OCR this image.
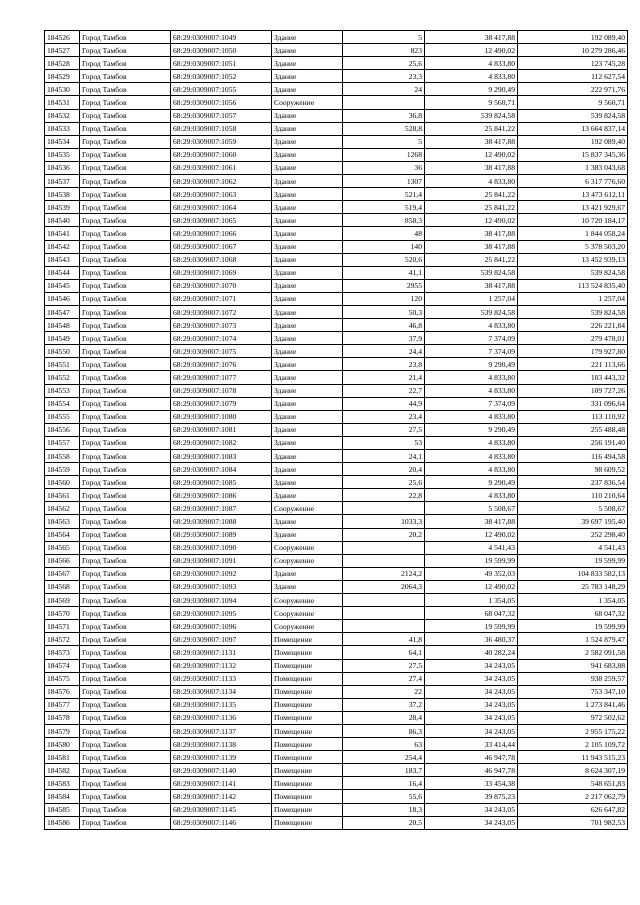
184526	Город Тамбов	68:29:0309007:1049	Здание	5	38 417,88	192 089,40
184527	Город Тамбов	68:29:0309007:1050	Здание	823	12 490,02	10 279 286,46
184528	Город Тамбов	68:29:0309007:1051	Здание	25,6	4 833,80	123 745,28
184529	Город Тамбов	68:29:0309007:1052	Здание	23,3	4 833,80	112 627,54
184530	Город Тамбов	68:29:0309007:1055	Здание	24	9 290,49	222 971,76
184531	Город Тамбов	68:29:0309007:1056	Сооружение		9 560,71	9 560,71
184532	Город Тамбов	68:29:0309007:1057	Здание	36,8	539 824,58	539 824,58
184533	Город Тамбов	68:29:0309007:1058	Здание	528,8	25 841,22	13 664 837,14
184534	Город Тамбов	68:29:0309007:1059	Здание	5	38 417,88	192 089,40
184535	Город Тамбов	68:29:0309007:1060	Здание	1268	12 490,02	15 837 345,36
184536	Город Тамбов	68:29:0309007:1061	Здание	36	38 417,88	1 383 043,68
184537	Город Тамбов	68:29:0309007:1062	Здание	1307	4 833,80	6 317 776,60
184538	Город Тамбов	68:29:0309007:1063	Здание	521,4	25 841,22	13 473 612,11
184539	Город Тамбов	68:29:0309007:1064	Здание	519,4	25 841,22	13 421 929,67
184540	Город Тамбов	68:29:0309007:1065	Здание	858,3	12 490,02	10 720 184,17
184541	Город Тамбов	68:29:0309007:1066	Здание	48	38 417,88	1 844 058,24
184542	Город Тамбов	68:29:0309007:1067	Здание	140	38 417,88	5 378 503,20
184543	Город Тамбов	68:29:0309007:1068	Здание	520,6	25 841,22	13 452 939,13
184544	Город Тамбов	68:29:0309007:1069	Здание	41,1	539 824,58	539 824,58
184545	Город Тамбов	68:29:0309007:1070	Здание	2955	38 417,88	113 524 835,40
184546	Город Тамбов	68:29:0309007:1071	Здание	120	1 257,04	1 257,04
184547	Город Тамбов	68:29:0309007:1072	Здание	50,3	539 824,58	539 824,58
184548	Город Тамбов	68:29:0309007:1073	Здание	46,8	4 833,80	226 221,84
184549	Город Тамбов	68:29:0309007:1074	Здание	37,9	7 374,09	279 478,01
184550	Город Тамбов	68:29:0309007:1075	Здание	24,4	7 374,09	179 927,80
184551	Город Тамбов	68:29:0309007:1076	Здание	23,8	9 290,49	221 113,66
184552	Город Тамбов	68:29:0309007:1077	Здание	21,4	4 833,80	103 443,32
184553	Город Тамбов	68:29:0309007:1078	Здание	22,7	4 833,80	109 727,26
184554	Город Тамбов	68:29:0309007:1079	Здание	44,9	7 374,09	331 096,64
184555	Город Тамбов	68:29:0309007:1080	Здание	23,4	4 833,80	113 110,92
184556	Город Тамбов	68:29:0309007:1081	Здание	27,5	9 290,49	255 488,48
184557	Город Тамбов	68:29:0309007:1082	Здание	53	4 833,80	256 191,40
184558	Город Тамбов	68:29:0309007:1083	Здание	24,1	4 833,80	116 494,58
184559	Город Тамбов	68:29:0309007:1084	Здание	20,4	4 833,80	98 609,52
184560	Город Тамбов	68:29:0309007:1085	Здание	25,6	9 290,49	237 836,54
184561	Город Тамбов	68:29:0309007:1086	Здание	22,8	4 833,80	110 210,64
184562	Город Тамбов	68:29:0309007:1087	Сооружение		5 508,67	5 508,67
184563	Город Тамбов	68:29:0309007:1088	Здание	1033,3	38 417,88	39 697 195,40
184564	Город Тамбов	68:29:0309007:1089	Здание	20,2	12 490,02	252 298,40
184565	Город Тамбов	68:29:0309007:1090	Сооружение		4 541,43	4 541,43
184566	Город Тамбов	68:29:0309007:1091	Сооружение		19 599,99	19 599,99
184567	Город Тамбов	68:29:0309007:1092	Здание	2124,2	49 352,03	104 833 582,13
184568	Город Тамбов	68:29:0309007:1093	Здание	2064,3	12 490,02	25 783 148,29
184569	Город Тамбов	68:29:0309007:1094	Сооружение		1 354,05	1 354,05
184570	Город Тамбов	68:29:0309007:1095	Сооружение		68 047,32	68 047,32
184571	Город Тамбов	68:29:0309007:1096	Сооружение		19 599,99	19 599,99
184572	Город Тамбов	68:29:0309007:1097	Помещение	41,8	36 480,37	1 524 879,47
184573	Город Тамбов	68:29:0309007:1131	Помещение	64,1	40 282,24	2 582 091,58
184574	Город Тамбов	68:29:0309007:1132	Помещение	27,5	34 243,05	941 683,88
184575	Город Тамбов	68:29:0309007:1133	Помещение	27,4	34 243,05	938 259,57
184576	Город Тамбов	68:29:0309007:1134	Помещение	22	34 243,05	753 347,10
184577	Город Тамбов	68:29:0309007:1135	Помещение	37,2	34 243,05	1 273 841,46
184578	Город Тамбов	68:29:0309007:1136	Помещение	28,4	34 243,05	972 502,62
184579	Город Тамбов	68:29:0309007:1137	Помещение	86,3	34 243,05	2 955 175,22
184580	Город Тамбов	68:29:0309007:1138	Помещение	63	33 414,44	2 105 109,72
184581	Город Тамбов	68:29:0309007:1139	Помещение	254,4	46 947,78	11 943 515,23
184582	Город Тамбов	68:29:0309007:1140	Помещение	183,7	46 947,78	8 624 307,19
184583	Город Тамбов	68:29:0309007:1141	Помещение	16,4	33 454,38	548 651,83
184584	Город Тамбов	68:29:0309007:1142	Помещение	55,6	39 875,23	2 217 062,79
184585	Город Тамбов	68:29:0309007:1145	Помещение	18,3	34 243,05	626 647,82
184586	Город Тамбов	68:29:0309007:1146	Помещение	20,5	34 243,05	701 982,53
